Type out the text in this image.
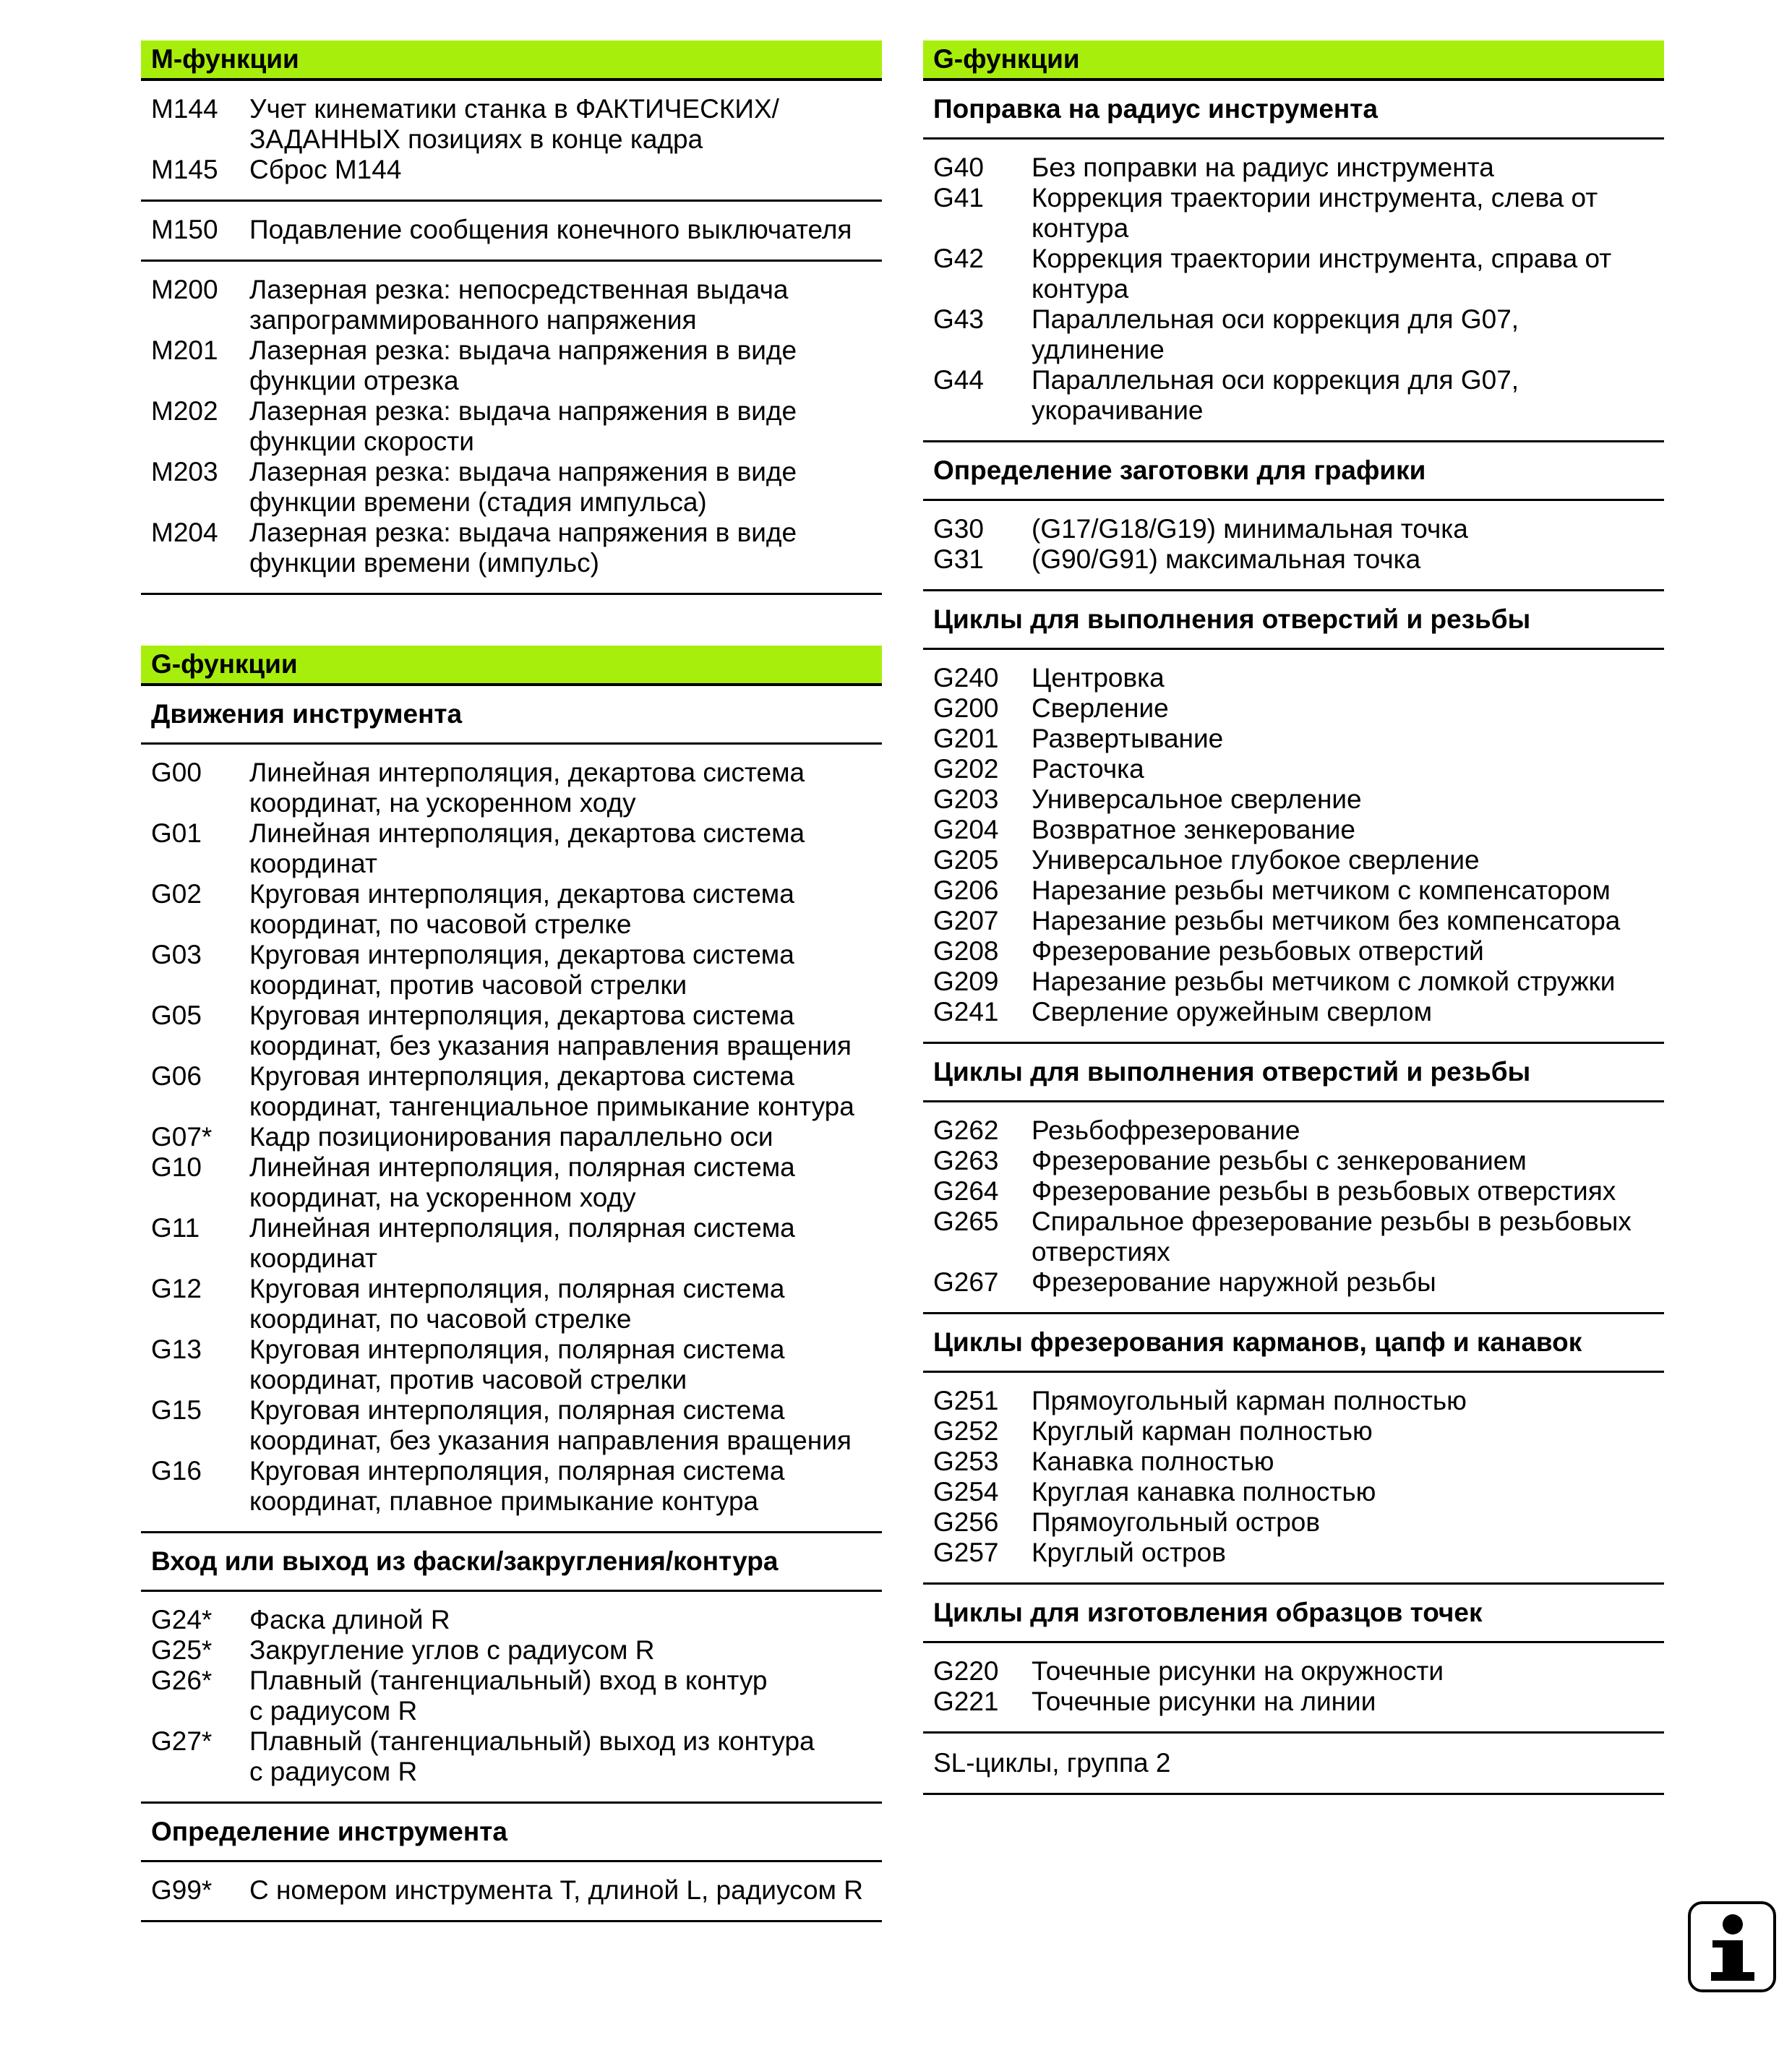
M-функции
M144	Учет кинематики станка в ФАКТИЧЕСКИХ/
ЗАДАННЫХ позициях в конце кадра
M145	Сброс M144
M150	Подавление сообщения конечного выключателя
M200	Лазерная резка: непосредственная выдача
запрограммированного напряжения
M201	Лазерная резка: выдача напряжения в виде
функции отрезка
M202	Лазерная резка: выдача напряжения в виде
функции скорости
M203	Лазерная резка: выдача напряжения в виде
функции времени (стадия импульса)
M204	Лазерная резка: выдача напряжения в виде
функции времени (импульс)
G-функции
Движения инструмента
G00	Линейная интерполяция, декартова система
координат, на ускоренном ходу
G01	Линейная интерполяция, декартова система
координат
G02	Круговая интерполяция, декартова система
координат, по часовой стрелке
G03	Круговая интерполяция, декартова система
координат, против часовой стрелки
G05	Круговая интерполяция, декартова система
координат, без указания направления вращения
G06	Круговая интерполяция, декартова система
координат, тангенциальное примыкание контура
G07*	Кадр позиционирования параллельно оси
G10	Линейная интерполяция, полярная система
координат, на ускоренном ходу
G11	Линейная интерполяция, полярная система
координат
G12	Круговая интерполяция, полярная система
координат, по часовой стрелке
G13	Круговая интерполяция, полярная система
координат, против часовой стрелки
G15	Круговая интерполяция, полярная система
координат, без указания направления вращения
G16	Круговая интерполяция, полярная система
координат, плавное примыкание контура
Вход или выход из фаски/закругления/контура
G24*	Фаска длиной R
G25*	Закругление углов с радиусом R
G26*	Плавный (тангенциальный) вход в контур
с радиусом R
G27*	Плавный (тангенциальный) выход из контура
с радиусом R
Определение инструмента
G99*	С номером инструмента T, длиной L, радиусом R
G-функции
Поправка на радиус инструмента
G40	Без поправки на радиус инструмента
G41	Коррекция траектории инструмента, слева от
контура
G42	Коррекция траектории инструмента, справа от
контура
G43	Параллельная оси коррекция для G07,
удлинение
G44	Параллельная оси коррекция для G07,
укорачивание
Определение заготовки для графики
G30	(G17/G18/G19) минимальная точка
G31	(G90/G91) максимальная точка
Циклы для выполнения отверстий и резьбы
G240	Центровка
G200	Сверление
G201	Развертывание
G202	Расточка
G203	Универсальное сверление
G204	Возвратное зенкерование
G205	Универсальное глубокое сверление
G206	Нарезание резьбы метчиком с компенсатором
G207	Нарезание резьбы метчиком без компенсатора
G208	Фрезерование резьбовых отверстий
G209	Нарезание резьбы метчиком с ломкой стружки
G241	Сверление оружейным сверлом
Циклы для выполнения отверстий и резьбы
G262	Резьбофрезерование
G263	Фрезерование резьбы с зенкерованием
G264	Фрезерование резьбы в резьбовых отверстиях
G265	Спиральное фрезерование резьбы в резьбовых
отверстиях
G267	Фрезерование наружной резьбы
Циклы фрезерования карманов, цапф и канавок
G251	Прямоугольный карман полностью
G252	Круглый карман полностью
G253	Канавка полностью
G254	Круглая канавка полностью
G256	Прямоугольный остров
G257	Круглый остров
Циклы для изготовления образцов точек
G220	Точечные рисунки на окружности
G221	Точечные рисунки на линии
SL-циклы, группа 2
